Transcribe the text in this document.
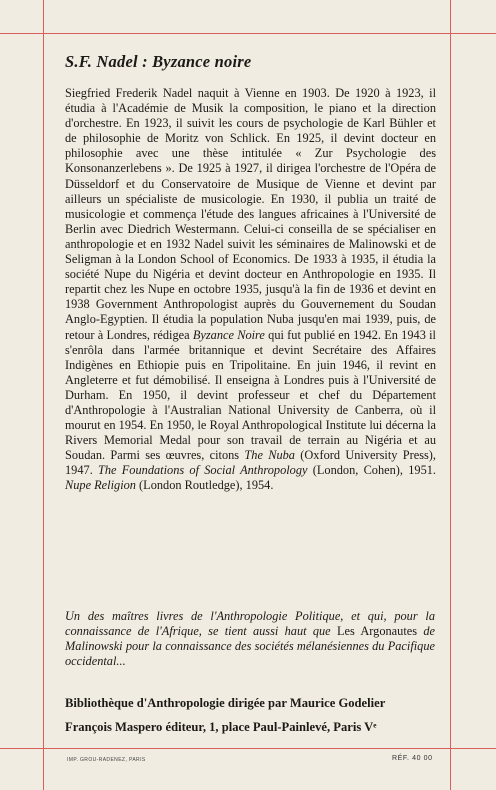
S.F. Nadel : Byzance noire

Siegfried Frederik Nadel naquit à Vienne en 1903. De 1920 à 1923, il étudia à l'Académie de Musik la composition, le piano et la direction d'orchestre. En 1923, il suivit les cours de psychologie de Karl Bühler et de philosophie de Moritz von Schlick. En 1925, il devint docteur en philosophie avec une thèse intitulée « Zur Psychologie des Konsonanzerlebens ». De 1925 à 1927, il dirigea l'orchestre de l'Opéra de Düsseldorf et du Conservatoire de Musique de Vienne et devint par ailleurs un spécialiste de musicologie. En 1930, il publia un traité de musicologie et commença l'étude des langues africaines à l'Université de Berlin avec Diedrich Westermann. Celui-ci conseilla de se spécialiser en anthropologie et en 1932 Nadel suivit les séminaires de Malinowski et de Seligman à la London School of Economics. De 1933 à 1935, il étudia la société Nupe du Nigéria et devint docteur en Anthropologie en 1935. Il repartit chez les Nupe en octobre 1935, jusqu'à la fin de 1936 et devint en 1938 Government Anthropologist auprès du Gouvernement du Soudan Anglo-Egyptien. Il étudia la population Nuba jusqu'en mai 1939, puis, de retour à Londres, rédigea Byzance Noire qui fut publié en 1942. En 1943 il s'enrôla dans l'armée britannique et devint Secrétaire des Affaires Indigènes en Ethiopie puis en Tripolitaine. En juin 1946, il revint en Angleterre et fut démobilisé. Il enseigna à Londres puis à l'Université de Durham. En 1950, il devint professeur et chef du Département d'Anthropologie à l'Australian National University de Canberra, où il mourut en 1954. En 1950, le Royal Anthropological Institute lui décerna la Rivers Memorial Medal pour son travail de terrain au Nigéria et au Soudan. Parmi ses œuvres, citons The Nuba (Oxford University Press), 1947. The Foundations of Social Anthropology (London, Cohen), 1951. Nupe Religion (London Routledge), 1954.

Un des maîtres livres de l'Anthropologie Politique, et qui, pour la connaissance de l'Afrique, se tient aussi haut que Les Argonautes de Malinowski pour la connaissance des sociétés mélanésiennes du Pacifique occidental...

Bibliothèque d'Anthropologie dirigée par Maurice Godelier

François Maspero éditeur, 1, place Paul-Painlevé, Paris Vᵉ

IMP. GROU-RADENEZ, PARIS	RÉF. 40 00
